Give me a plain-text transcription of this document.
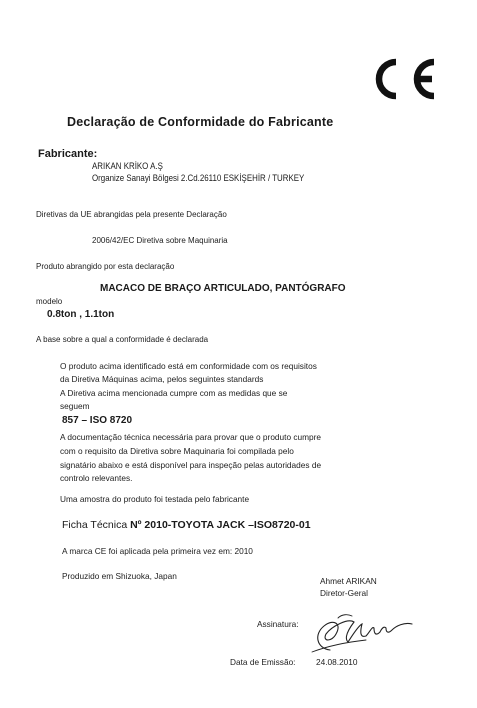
Declaração de Conformidade do Fabricante
Fabricante:
ARIKAN KRİKO A.Ş
Organize Sanayi Bölgesi 2.Cd.26110 ESKİŞEHİR / TURKEY
Diretivas da UE abrangidas pela presente Declaração
2006/42/EC Diretiva sobre Maquinaria
Produto abrangido por esta declaração
MACACO DE BRAÇO ARTICULADO, PANTÓGRAFO
modelo
0.8ton , 1.1ton
A base sobre a qual a conformidade é declarada
O produto acima identificado está em conformidade com os requisitos
da Diretiva Máquinas acima, pelos seguintes standards
A Diretiva acima mencionada cumpre com as medidas que se
seguem
857 – ISO 8720
A documentação técnica necessária para provar que o produto cumpre
com o requisito da Diretiva sobre Maquinaria foi compilada pelo
signatário abaixo e está disponível para inspeção pelas autoridades de
controlo relevantes.
Uma amostra do produto foi testada pelo fabricante
Ficha Técnica Nº 2010-TOYOTA JACK –ISO8720-01
A marca CE foi aplicada pela primeira vez em: 2010
Produzido em Shizuoka, Japan	Ahmet ARIKAN
Diretor-Geral
Assinatura:
Data de Emissão: 24.08.2010
